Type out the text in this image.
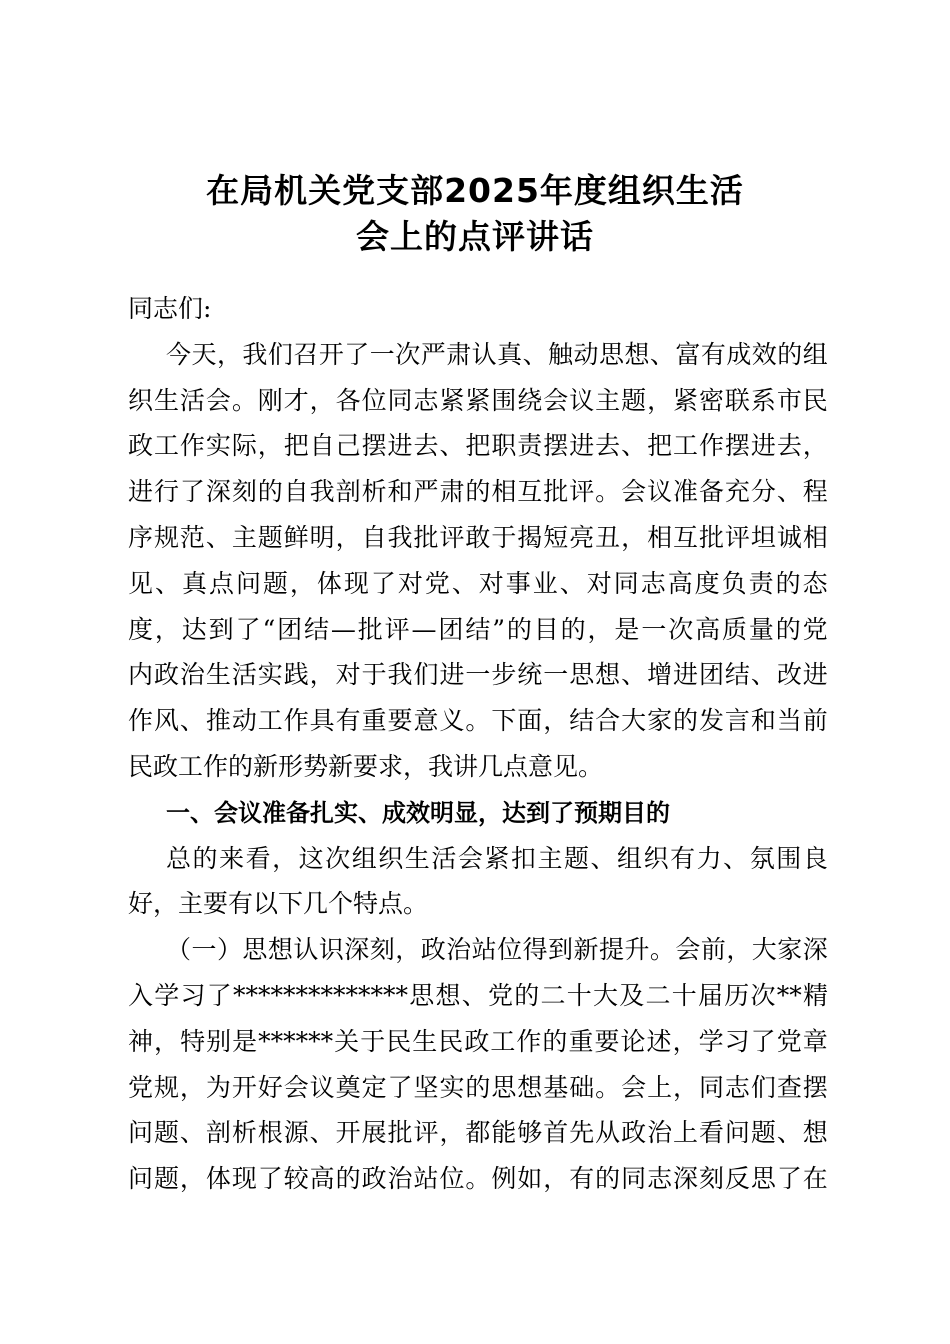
在局机关党支部2025年度组织生活
会上的点评讲话
同志们:
今 天 ， 我 们 召 开 了 一 次 严 肃 认 真 、 触 动 思 想 、 富 有 成 效 的 组
织 生 活 会 。 刚 才 ， 各 位 同 志 紧 紧 围 绕 会 议 主 题 ， 紧 密 联 系 市 民
政 工 作 实 际 ， 把 自 己 摆 进 去 、 把 职 责 摆 进 去 、 把 工 作 摆 进 去 ，
进 行 了 深 刻 的 自 我 剖 析 和 严 肃 的 相 互 批 评 。 会 议 准 备 充 分 、 程
序 规 范 、 主 题 鲜 明 ， 自 我 批 评 敢 于 揭 短 亮 丑 ， 相 互 批 评 坦 诚 相
见 、 真 点 问 题 ， 体 现 了 对 党 、 对 事 业 、 对 同 志 高 度 负 责 的 态
度 ， 达 到 了 “ 团 结 — 批 评 — 团 结 ” 的 目 的 ， 是 一 次 高 质 量 的 党
内 政 治 生 活 实 践 ， 对 于 我 们 进 一 步 统 一 思 想 、 增 进 团 结 、 改 进
作 风 、 推 动 工 作 具 有 重 要 意 义 。 下 面 ， 结 合 大 家 的 发 言 和 当 前
民政工作的新形势新要求，我讲几点意见。
一、会议准备扎实、成效明显，达到了预期目的
总 的 来 看 ， 这 次 组 织 生 活 会 紧 扣 主 题 、 组 织 有 力 、 氛 围 良
好，主要有以下几个特点。
（ 一 ） 思 想 认 识 深 刻 ， 政 治 站 位 得 到 新 提 升 。 会 前 ， 大 家 深
入 学 习 了 ************** 思 想 、 党 的 二 十 大 及 二 十 届 历 次 ** 精
神 ， 特 别 是 ****** 关 于 民 生 民 政 工 作 的 重 要 论 述 ， 学 习 了 党 章
党 规 ， 为 开 好 会 议 奠 定 了 坚 实 的 思 想 基 础 。 会 上 ， 同 志 们 查 摆
问 题 、 剖 析 根 源 、 开 展 批 评 ， 都 能 够 首 先 从 政 治 上 看 问 题 、 想
问 题 ， 体 现 了 较 高 的 政 治 站 位 。 例 如 ， 有 的 同 志 深 刻 反 思 了 在
